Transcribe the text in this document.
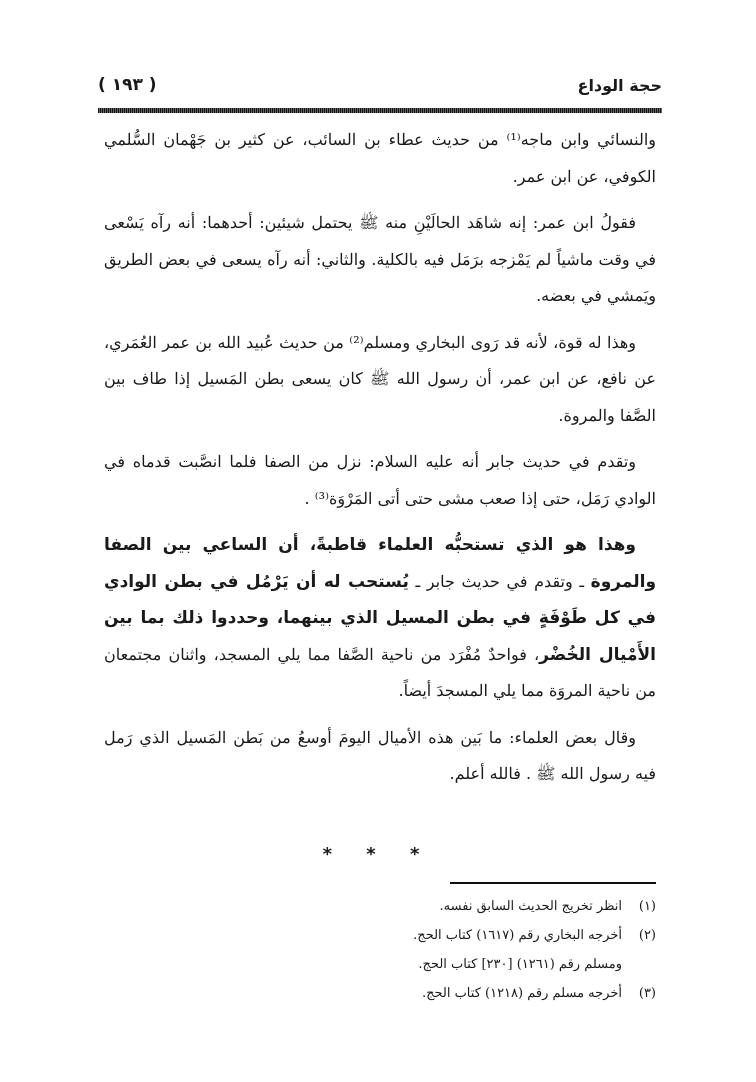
حجة الوداع
( ١٩٣ )

والنسائي وابن ماجه⁽¹⁾ من حديث عطاء بن السائب، عن كثير بن جَهْمان السُّلمي الكوفي، عن ابن عمر.

فقولُ ابن عمر: إنه شاهَد الحالَيْنِ منه ﷺ يحتمل شيئين: أحدهما: أنه رآه يَسْعى في وقت ماشياً لم يَمْزجه برَمَل فيه بالكلية. والثاني: أنه رآه يسعى في بعض الطريق ويَمشي في بعضه.

وهذا له قوة، لأنه قد رَوى البخاري ومسلم⁽²⁾ من حديث عُبيد الله بن عمر العُمَري، عن نافع، عن ابن عمر، أن رسول الله ﷺ كان يسعى بطن المَسيل إذا طاف بين الصَّفا والمروة.

وتقدم في حديث جابر أنه عليه السلام: نزل من الصفا فلما انصَّبت قدماه في الوادي رَمَل، حتى إذا صعب مشى حتى أتى المَرْوَة⁽³⁾ .

وهذا هو الذي تستحبُّه العلماء قاطبةً، أن الساعي بين الصفا والمروة ـ وتقدم في حديث جابر ـ يُستحب له أن يَرْمُل في بطن الوادي في كل طَوْفَةٍ في بطن المسيل الذي بينهما، وحددوا ذلك بما بين الأَمْيال الخُضْر، فواحدٌ مُفْرَد من ناحية الصَّفا مما يلي المسجد، واثنان مجتمعان من ناحية المروَة مما يلي المسجدَ أيضاً.

وقال بعض العلماء: ما بَين هذه الأميال اليومَ أوسعُ من بَطن المَسيل الذي رَمل فيه رسول الله ﷺ . فالله أعلم.

* * *
(١)انظر تخريج الحديث السابق نفسه.
(٢)أخرجه البخاري رقم (١٦١٧) كتاب الحج.
ومسلم رقم (١٢٦١) [٢٣٠] كتاب الحج.
(٣)أخرجه مسلم رقم (١٢١٨) كتاب الحج.
